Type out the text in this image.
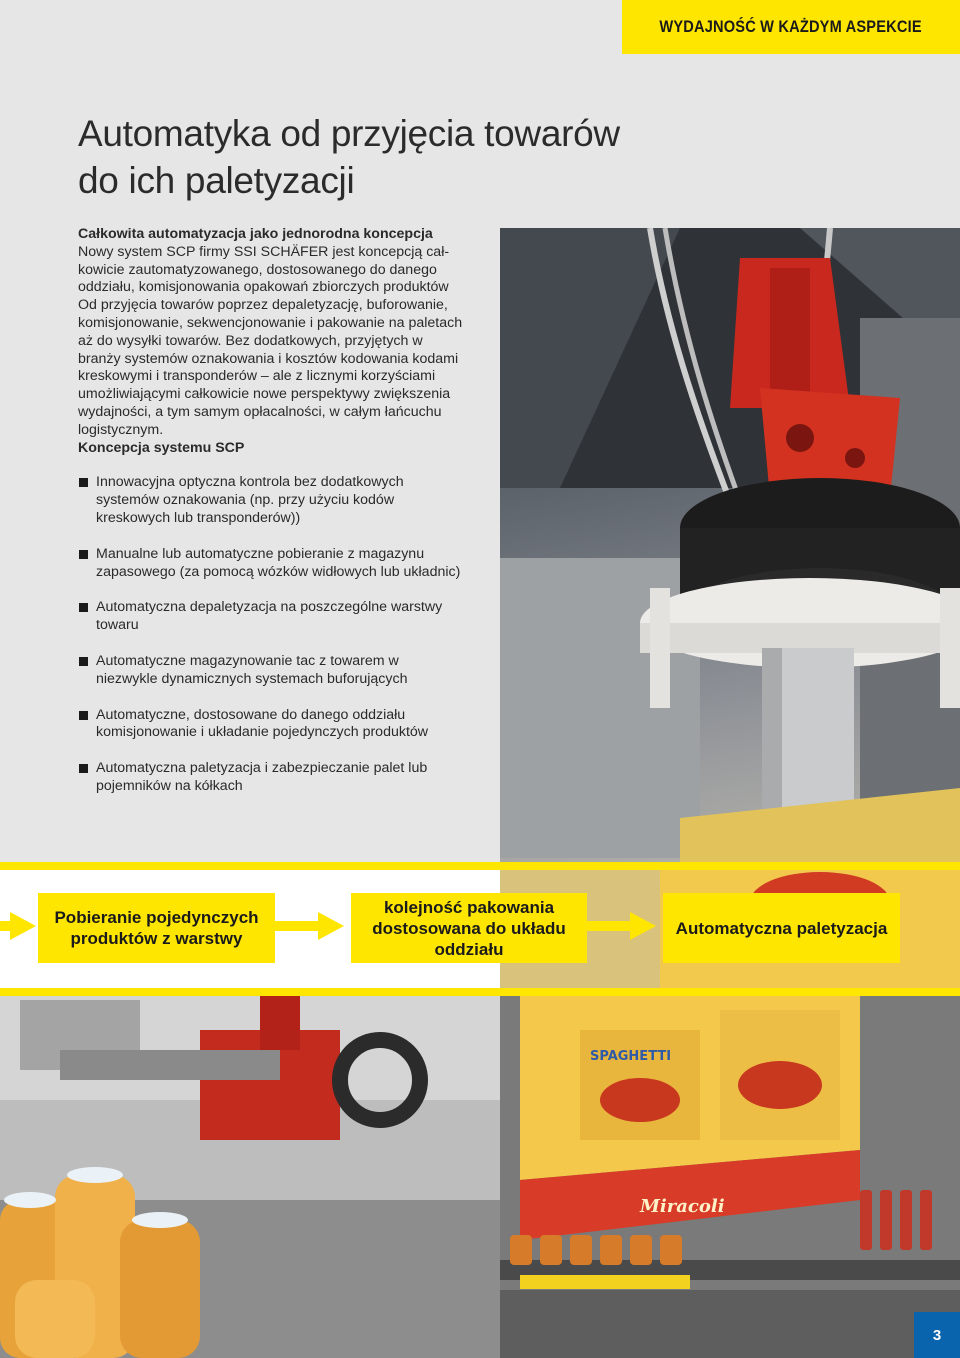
WYDAJNOŚĆ W KAŻDYM ASPEKCIE
Automatyka od przyjęcia towarów
do ich paletyzacji

Całkowita automatyzacja jako jednorodna koncepcja

Nowy system SCP firmy SSI SCHÄFER jest koncepcją cał-
kowicie zautomatyzowanego, dostosowanego do danego
oddziału, komisjonowania opakowań zbiorczych produktów
Od przyjęcia towarów poprzez depaletyzację, buforowanie,
komisjonowanie, sekwencjonowanie i pakowanie na paletach
aż do wysyłki towarów. Bez dodatkowych, przyjętych w
branży systemów oznakowania i kosztów kodowania kodami
kreskowymi i transponderów – ale z licznymi korzyściami
umożliwiającymi całkowicie nowe perspektywy zwiększenia
wydajności, a tym samym opłacalności, w całym łańcuchu
logistycznym.

Koncepcja systemu SCP

Innowacyjna optyczna kontrola bez dodatkowych
systemów oznakowania (np. przy użyciu kodów
kreskowych lub transponderów))
Manualne lub automatyczne pobieranie z magazynu
zapasowego (za pomocą wózków widłowych lub układnic)
Automatyczna depaletyzacja na poszczególne warstwy
towaru
Automatyczne magazynowanie tac z towarem w
niezwykle dynamicznych systemach buforujących
Automatyczne, dostosowane do danego oddziału
komisjonowanie i układanie pojedynczych produktów
Automatyczna paletyzacja i zabezpieczanie palet lub
pojemników na kółkach
SPAGHETTI
Miracoli
Pobieranie pojedynczych
produktów z warstwy
kolejność pakowania
dostosowana do układu
oddziału
Automatyczna paletyzacja
3
